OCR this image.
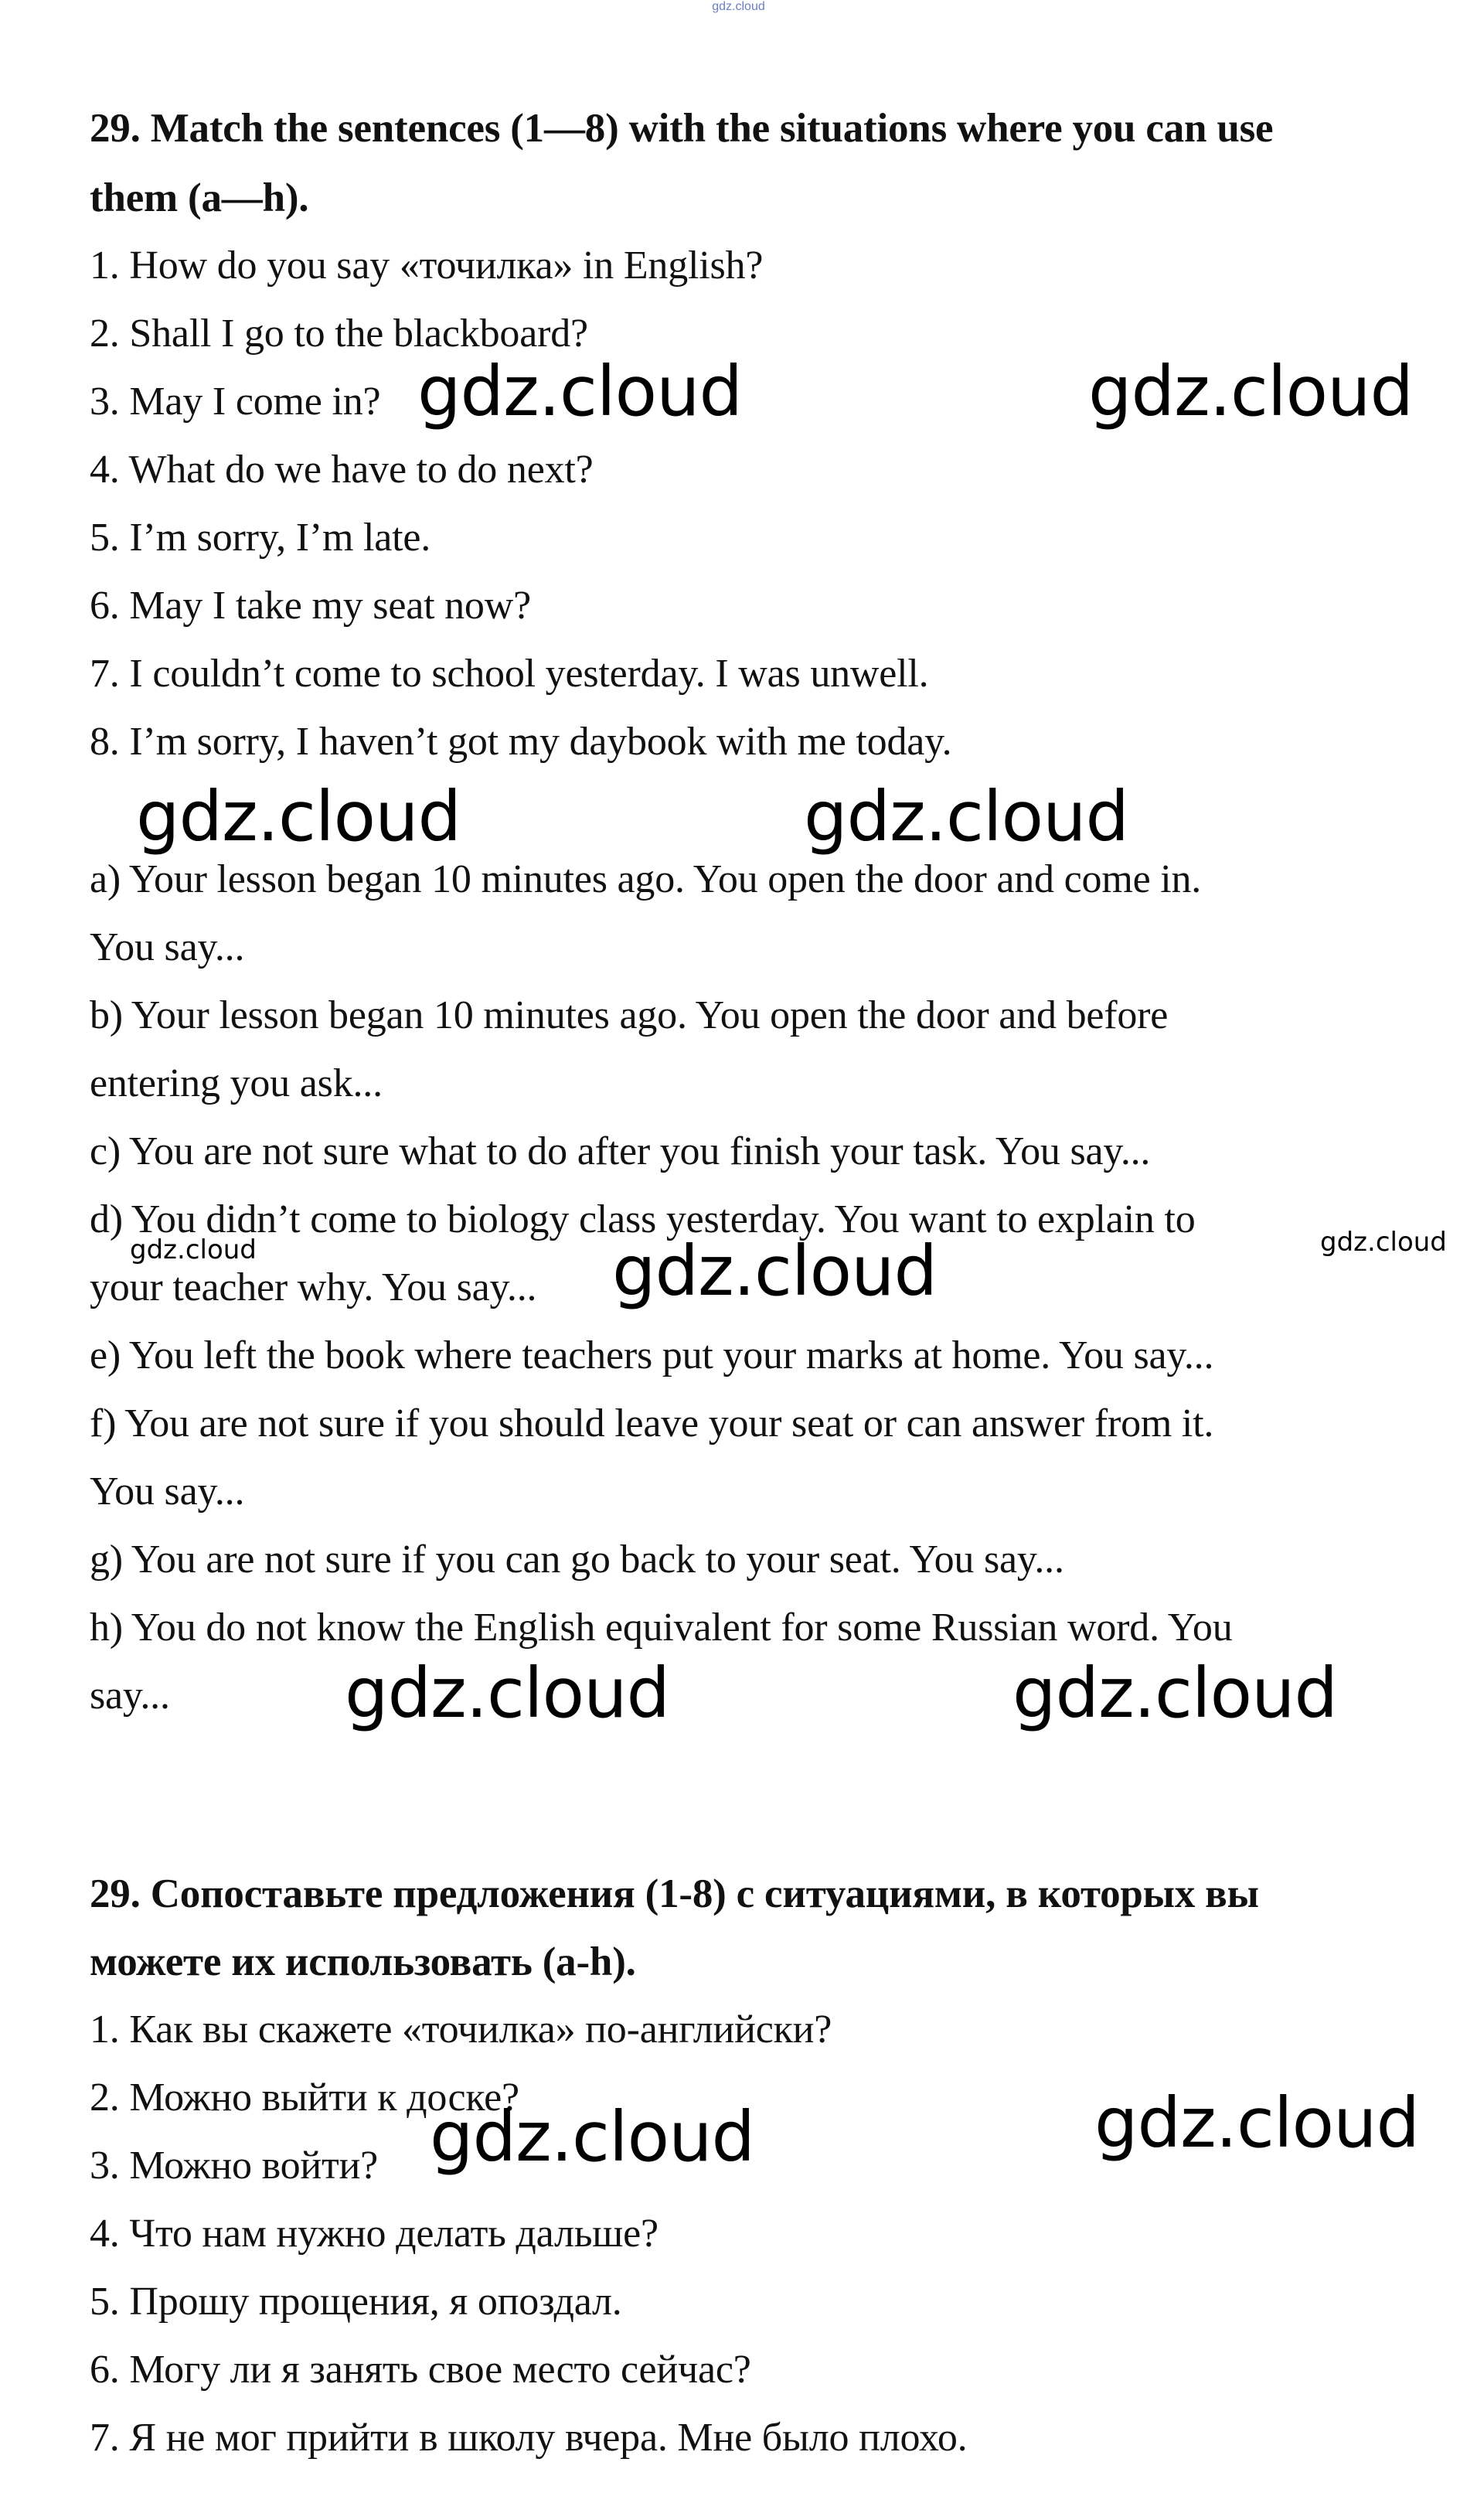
gdz.cloud
29. Match the sentences (1—8) with the situations where you can use
them (a—h).
1. How do you say «точилка» in English?
2. Shall I go to the blackboard?
3. May I come in?
4. What do we have to do next?
5. I’m sorry, I’m late.
6. May I take my seat now?
7. I couldn’t come to school yesterday. I was unwell.
8. I’m sorry, I haven’t got my daybook with me today.
a) Your lesson began 10 minutes ago. You open the door and come in.
You say...
b) Your lesson began 10 minutes ago. You open the door and before
entering you ask...
c) You are not sure what to do after you finish your task. You say...
d) You didn’t come to biology class yesterday. You want to explain to
your teacher why. You say...
e) You left the book where teachers put your marks at home. You say...
f) You are not sure if you should leave your seat or can answer from it.
You say...
g) You are not sure if you can go back to your seat. You say...
h) You do not know the English equivalent for some Russian word. You
say...
29. Сопоставьте предложения (1-8) с ситуациями, в которых вы
можете их использовать (a-h).
1. Как вы скажете «точилка» по-английски?
2. Можно выйти к доске?
3. Можно войти?
4. Что нам нужно делать дальше?
5. Прошу прощения, я опоздал.
6. Могу ли я занять свое место сейчас?
7. Я не мог прийти в школу вчера. Мне было плохо.
gdz.cloud	gdz.cloud
gdz.cloud	gdz.cloud
gdz.cloud	gdz.cloud
gdz.cloud
gdz.cloud	gdz.cloud
gdz.cloud	gdz.cloud
